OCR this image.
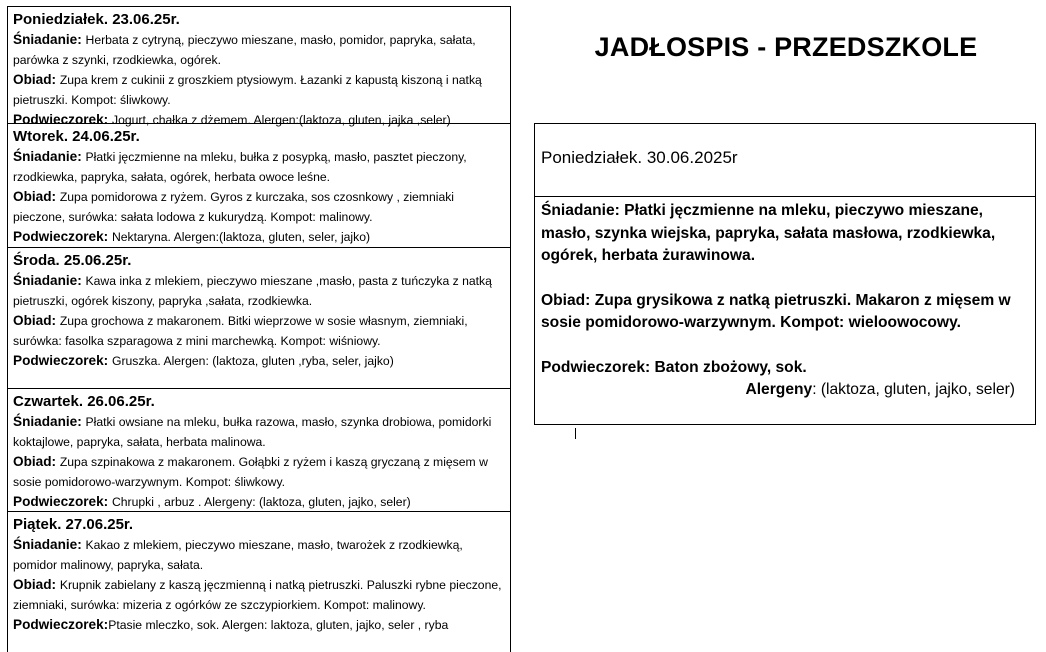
Poniedziałek. 23.06.25r.
Śniadanie: Herbata z cytryną, pieczywo mieszane, masło, pomidor, papryka, sałata, parówka z szynki, rzodkiewka, ogórek.
Obiad: Zupa krem z cukinii z groszkiem ptysiowym. Łazanki z kapustą kiszoną i natką pietruszki. Kompot: śliwkowy.
Podwieczorek: Jogurt, chałka z dżemem. Alergen:(laktoza, gluten, jajka ,seler)
Wtorek. 24.06.25r.
Śniadanie: Płatki jęczmienne na mleku, bułka z posypką, masło, pasztet pieczony, rzodkiewka, papryka, sałata, ogórek, herbata owoce leśne.
Obiad: Zupa pomidorowa z ryżem. Gyros z kurczaka, sos czosnkowy , ziemniaki pieczone, surówka: sałata lodowa z kukurydzą. Kompot: malinowy.
Podwieczorek: Nektaryna. Alergen:(laktoza, gluten, seler, jajko)
Środa. 25.06.25r.
Śniadanie: Kawa inka z mlekiem, pieczywo mieszane ,masło, pasta z tuńczyka z natką pietruszki, ogórek kiszony, papryka ,sałata, rzodkiewka.
Obiad: Zupa grochowa z makaronem. Bitki wieprzowe w sosie własnym, ziemniaki, surówka: fasolka szparagowa z mini marchewką. Kompot: wiśniowy.
Podwieczorek: Gruszka. Alergen: (laktoza, gluten ,ryba, seler, jajko)
Czwartek. 26.06.25r.
Śniadanie: Płatki owsiane na mleku, bułka razowa, masło, szynka drobiowa, pomidorki koktajlowe, papryka, sałata, herbata malinowa.
Obiad: Zupa szpinakowa z makaronem. Gołąbki z ryżem i kaszą gryczaną z mięsem w sosie pomidorowo-warzywnym. Kompot: śliwkowy.
Podwieczorek: Chrupki , arbuz . Alergeny: (laktoza, gluten, jajko, seler)
Piątek. 27.06.25r.
Śniadanie: Kakao z mlekiem, pieczywo mieszane, masło, twarożek z rzodkiewką, pomidor malinowy, papryka, sałata.
Obiad: Krupnik zabielany z kaszą jęczmienną i natką pietruszki. Paluszki rybne pieczone, ziemniaki, surówka: mizeria z ogórków ze szczypiorkiem. Kompot: malinowy.
Podwieczorek:Ptasie mleczko, sok. Alergen: laktoza, gluten, jajko, seler , ryba
JADŁOSPIS - PRZEDSZKOLE
Poniedziałek. 30.06.2025r

Śniadanie: Płatki jęczmienne na mleku, pieczywo mieszane, masło, szynka wiejska, papryka, sałata masłowa, rzodkiewka, ogórek, herbata żurawinowa.

Obiad: Zupa grysikowa z natką pietruszki. Makaron z mięsem w sosie pomidorowo-warzywnym. Kompot: wieloowocowy.

Podwieczorek: Baton zbożowy, sok.

Alergeny: (laktoza, gluten, jajko, seler)
